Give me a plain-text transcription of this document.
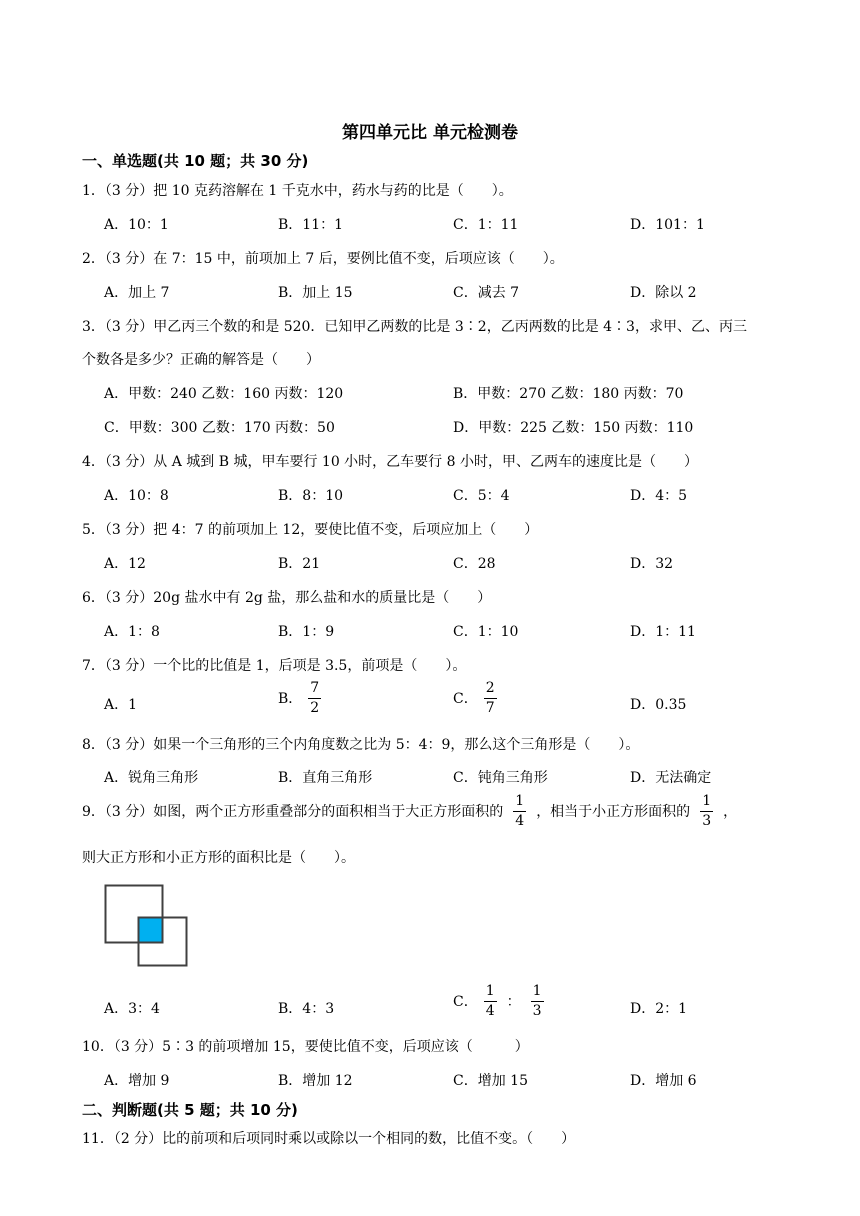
第四单元比 单元检测卷
一、单选题(共 10 题；共 30 分)
1．（3 分）把 10 克药溶解在 1 千克水中，药水与药的比是（　　）。
A．10：1	B．11：1	C．1：11	D．101：1
2．（3 分）在 7：15 中，前项加上 7 后，要例比值不变，后项应该（　　）。
A．加上 7	B．加上 15	C．减去 7	D．除以 2
3．（3 分）甲乙丙三个数的和是 520．已知甲乙两数的比是 3∶2，乙丙两数的比是 4∶3，求甲、乙、丙三
个数各是多少？正确的解答是（　　）
A．甲数：240 乙数：160 丙数：120	B．甲数：270 乙数：180 丙数：70
C．甲数：300 乙数：170 丙数：50	D．甲数：225 乙数：150 丙数：110
4．（3 分）从 A 城到 B 城，甲车要行 10 小时，乙车要行 8 小时，甲、乙两车的速度比是（　　）
A．10：8	B．8：10	C．5：4	D．4：5
5．（3 分）把 4：7 的前项加上 12，要使比值不变，后项应加上（　　）
A．12	B．21	C．28	D．32
6．（3 分）20g 盐水中有 2g 盐，那么盐和水的质量比是（　　）
A．1：8	B．1：9	C．1：10	D．1：11
7．（3 分）一个比的比值是 1，后项是 3.5，前项是（　　）。
A．1	B． $\frac{7}{2}$	C． $\frac{2}{7}$	D．0.35
8．（3 分）如果一个三角形的三个内角度数之比为 5：4：9，那么这个三角形是（　　）。
A．锐角三角形	B．直角三角形	C．钝角三角形	D．无法确定
9．（3 分）如图，两个正方形重叠部分的面积相当于大正方形面积的 $\frac{1}{4}$ ，相当于小正方形面积的 $\frac{1}{3}$ ，
则大正方形和小正方形的面积比是（　　）。
A．3：4	B．4：3	C． $\frac{1}{4}$ ： $\frac{1}{3}$	D．2：1
10．（3 分）5∶3 的前项增加 15，要使比值不变，后项应该（　　　）
A．增加 9	B．增加 12	C．增加 15	D．增加 6
二、判断题(共 5 题；共 10 分)
11．（2 分）比的前项和后项同时乘以或除以一个相同的数，比值不变。（　　）
